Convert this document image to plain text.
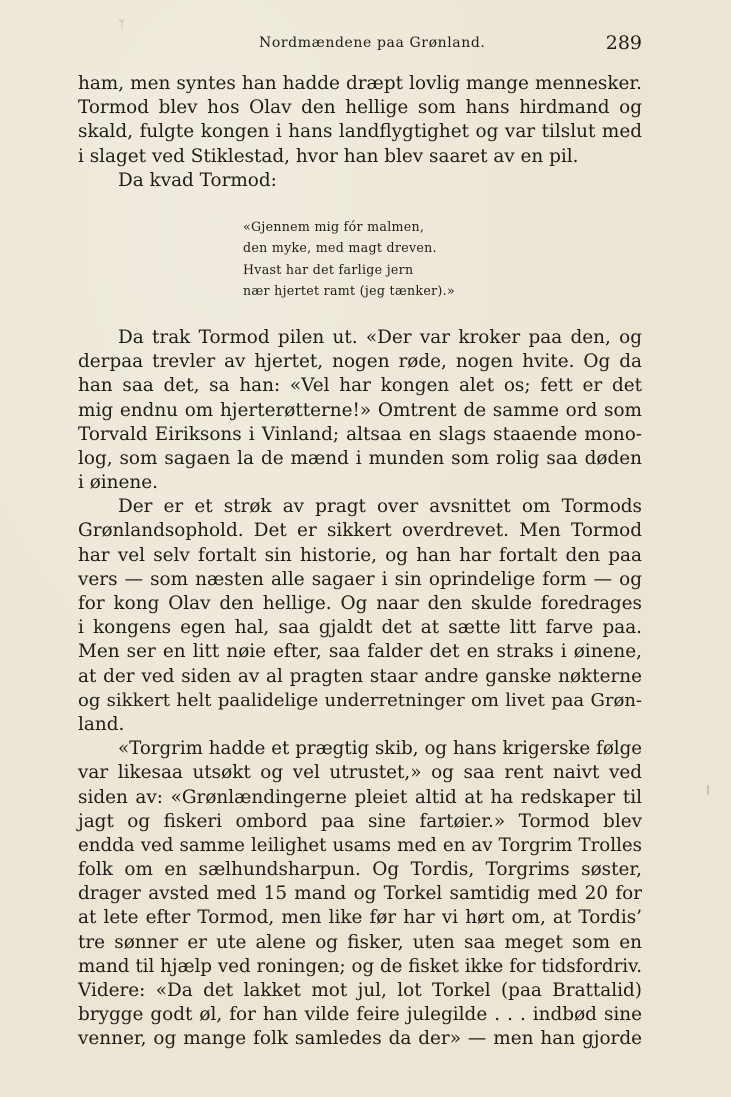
ᛉ
Nordmændene paa Grønland.	289
ham, men syntes han hadde dræpt lovlig mange mennesker.
Tormod blev hos Olav den hellige som hans hirdmand og
skald, fulgte kongen i hans landflygtighet og var tilslut med
i slaget ved Stiklestad, hvor han blev saaret av en pil.
Da kvad Tormod:
«Gjennem mig fór malmen,
den myke, med magt dreven.
Hvast har det farlige jern
nær hjertet ramt (jeg tænker).»
Da trak Tormod pilen ut. «Der var kroker paa den, og
derpaa trevler av hjertet, nogen røde, nogen hvite. Og da
han saa det, sa han: «Vel har kongen alet os; fett er det
mig endnu om hjerterøtterne!» Omtrent de samme ord som
Torvald Eiriksons i Vinland; altsaa en slags staaende mono-
log, som sagaen la de mænd i munden som rolig saa døden
i øinene.
Der er et strøk av pragt over avsnittet om Tormods
Grønlandsophold. Det er sikkert overdrevet. Men Tormod
har vel selv fortalt sin historie, og han har fortalt den paa
vers — som næsten alle sagaer i sin oprindelige form — og
for kong Olav den hellige. Og naar den skulde foredrages
i kongens egen hal, saa gjaldt det at sætte litt farve paa.
Men ser en litt nøie efter, saa falder det en straks i øinene,
at der ved siden av al pragten staar andre ganske nøkterne
og sikkert helt paalidelige underretninger om livet paa Grøn-
land.
«Torgrim hadde et prægtig skib, og hans krigerske følge
var likesaa utsøkt og vel utrustet,» og saa rent naivt ved
siden av: «Grønlændingerne pleiet altid at ha redskaper til
jagt og fiskeri ombord paa sine fartøier.» Tormod blev
endda ved samme leilighet usams med en av Torgrim Trolles
folk om en sælhundsharpun. Og Tordis, Torgrims søster,
drager avsted med 15 mand og Torkel samtidig med 20 for
at lete efter Tormod, men like før har vi hørt om, at Tordis’
tre sønner er ute alene og fisker, uten saa meget som en
mand til hjælp ved roningen; og de fisket ikke for tidsfordriv.
Videre: «Da det lakket mot jul, lot Torkel (paa Brattalid)
brygge godt øl, for han vilde feire julegilde . . . indbød sine
venner, og mange folk samledes da der» — men han gjorde
